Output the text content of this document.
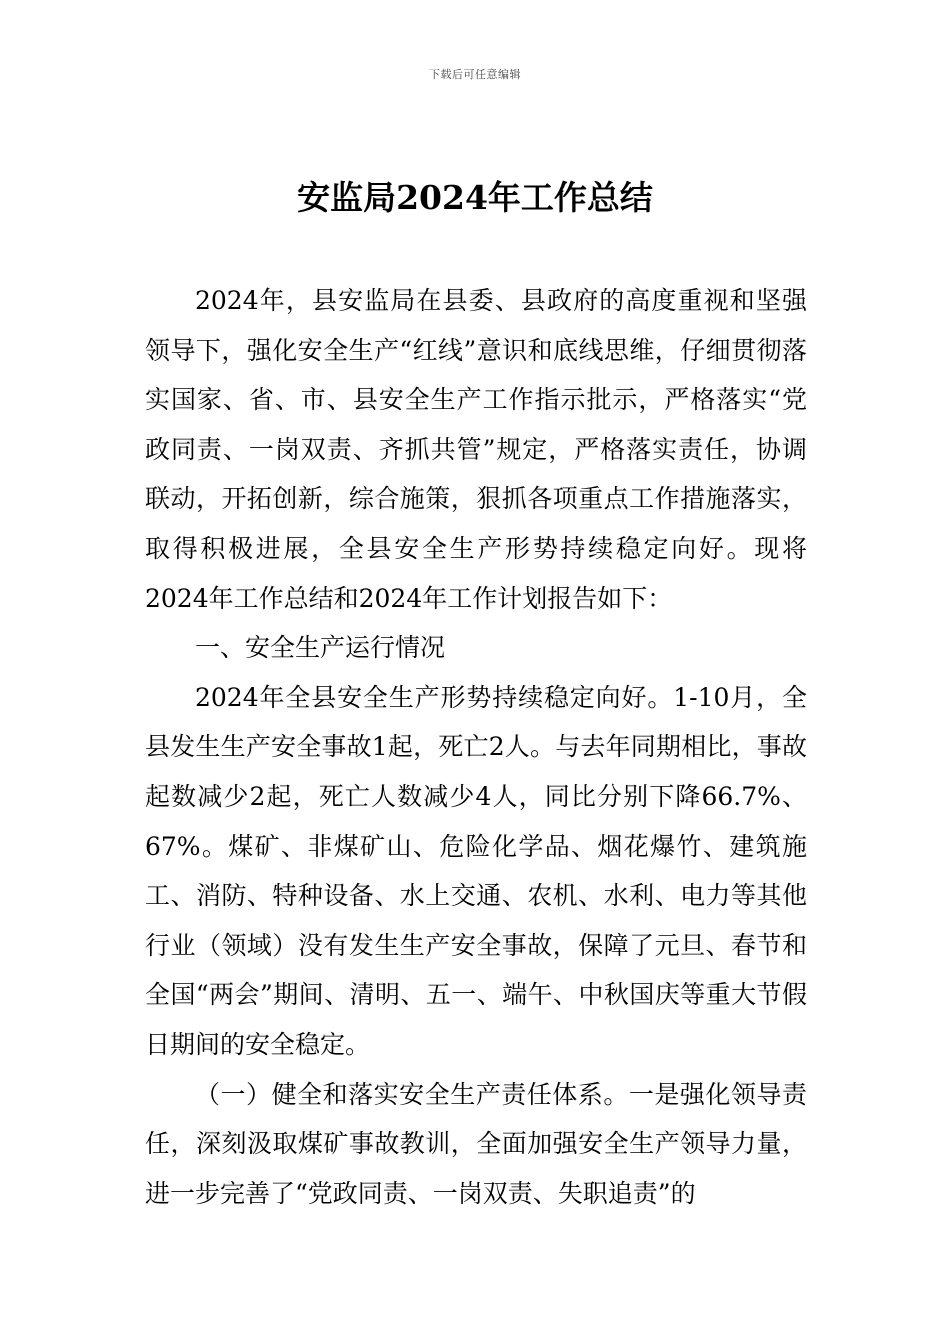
下载后可任意编辑
安监局2024年工作总结

2024年，县安监局在县委、县政府的高度重视和坚强领导下，强化安全生产“红线”意识和底线思维，仔细贯彻落实国家、省、市、县安全生产工作指示批示，严格落实“党政同责、一岗双责、齐抓共管”规定，严格落实责任，协调联动，开拓创新，综合施策，狠抓各项重点工作措施落实，取得积极进展，全县安全生产形势持续稳定向好。现将2024年工作总结和2024年工作计划报告如下：

一、安全生产运行情况

2024年全县安全生产形势持续稳定向好。1-10月，全县发生生产安全事故1起，死亡2人。与去年同期相比，事故起数减少2起，死亡人数减少4人，同比分别下降66.7%、67%。煤矿、非煤矿山、危险化学品、烟花爆竹、建筑施工、消防、特种设备、水上交通、农机、水利、电力等其他行业（领域）没有发生生产安全事故，保障了元旦、春节和全国“两会”期间、清明、五一、端午、中秋国庆等重大节假日期间的安全稳定。

（一）健全和落实安全生产责任体系。一是强化领导责任，深刻汲取煤矿事故教训，全面加强安全生产领导力量，进一步完善了“党政同责、一岗双责、失职追责”的
